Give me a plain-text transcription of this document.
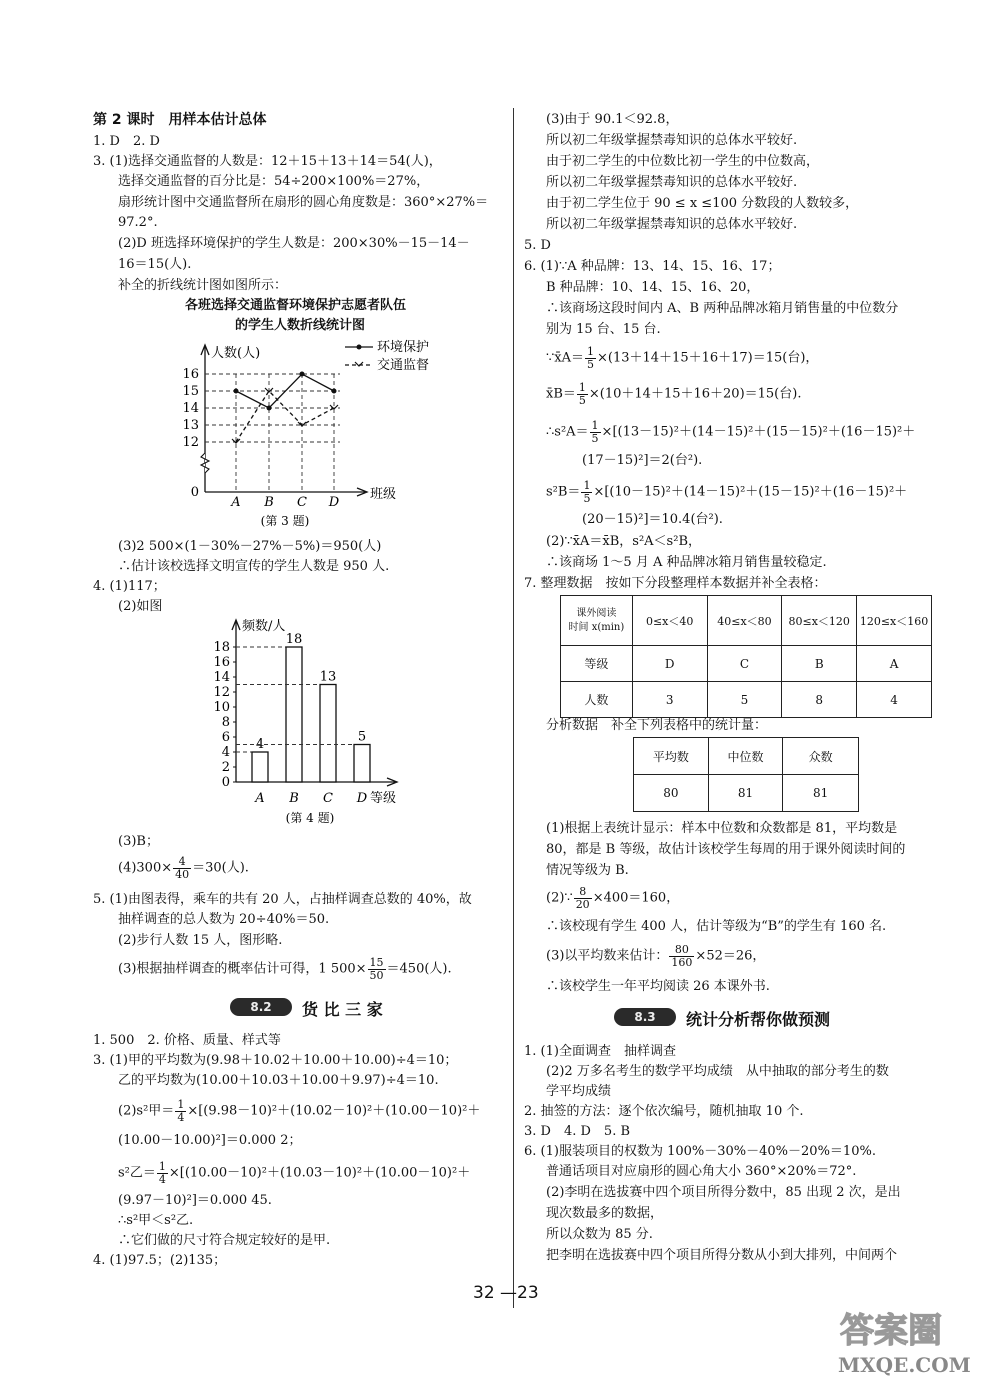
第 2 课时　用样本估计总体
1. D　2. D
3. (1)选择交通监督的人数是：12＋15＋13＋14＝54(人)，
选择交通监督的百分比是：54÷200×100%＝27%，
扇形统计图中交通监督所在扇形的圆心角度数是：360°×27%＝
97.2°.
(2)D 班选择环境保护的学生人数是：200×30%－15－14－
16＝15(人).
补全的折线统计图如图所示：
各班选择交通监督环境保护志愿者队伍
的学生人数折线统计图
人数(人)
班级
0
12
13
14
15
16
A B C D
环境保护
交通监督
(第 3 题)
(3)2 500×(1－30%－27%－5%)＝950(人)
∴估计该校选择文明宣传的学生人数是 950 人.
4. (1)117；
(2)如图
频数/人
等级
0
2
4
6
8
10
12
14
16
18
4
A
18
B
13
C
5
D
(第 4 题)
(3)B；
$(4)300\times \frac{4}{40} =30$(人).
5. (1)由图表得，乘车的共有 20 人，占抽样调查总数的 40%，故
抽样调查的总人数为 20÷40%＝50.
(2)步行人数 15 人，图形略.
(3)根据抽样调查的概率估计可得，1 $500\times \frac{15}{50} =450$(人).
8.2	货 比 三 家
1. 500　2. 价格、质量、样式等
3. (1)甲的平均数为(9.98＋10.02＋10.00＋10.00)÷4＝10；
乙的平均数为(10.00＋10.03＋10.00＋9.97)÷4＝10.
(2)s²甲＝ $\frac{1}{4} \times[(9.98-10)^2+(10.02-10)^2+(10.00-10)^2+$
(10.00－10.00)²]＝0.000 2；
s²乙＝ $\frac{1}{4} \times[(10.00-10)^2+(10.03-10)^2+(10.00-10)^2+$
(9.97－10)²]＝0.000 45.
∴s²甲＜s²乙.
∴它们做的尺寸符合规定较好的是甲.
4. (1)97.5；(2)135；
(3)由于 90.1＜92.8，
所以初二年级掌握禁毒知识的总体水平较好.
由于初二学生的中位数比初一学生的中位数高，
所以初二年级掌握禁毒知识的总体水平较好.
由于初二学生位于 90 ≤ x ≤100 分数段的人数较多，
所以初二年级掌握禁毒知识的总体水平较好.
5. D
6. (1)∵A 种品牌：13、14、15、16、17；
B 种品牌：10、14、15、16、20，
∴该商场这段时间内 A、B 两种品牌冰箱月销售量的中位数分
别为 15 台、15 台.
∵x̄A＝ $\frac{1}{5} \times(13+14+15+16+17)=15$(台)，
x̄B＝ $\frac{1}{5} \times(10+14+15+16+20)=15$(台).
∴s²A＝ $\frac{1}{5} \times[(13-15)^2+(14-15)^2+(15-15)^2+(16-15)^2+$
(17－15)²]＝2(台²).
$s^2B= \frac{1}{5} \times[(10-15)^2+(14-15)^2+(15-15)^2+(16-15)^2+$
(20－15)²]＝10.4(台²).
(2)∵x̄A＝x̄B，s²A＜s²B，
∴该商场 1～5 月 A 种品牌冰箱月销售量较稳定.
7. 整理数据　按如下分段整理样本数据并补全表格：
课外阅读
时间 x(min)	0≤x＜40	40≤x＜80	80≤x＜120	120≤x＜160
等级	D	C	B	A
人数	3	5	8	4
分析数据　补全下列表格中的统计量：
平均数	中位数	众数
80	81	81
(1)根据上表统计显示：样本中位数和众数都是 81，平均数是
80，都是 B 等级，故估计该校学生每周的用于课外阅读时间的
情况等级为 B.
(2)∵ $\frac{8}{20} \times 400=160$，
∴该校现有学生 400 人，估计等级为“B”的学生有 160 名.
(3)以平均数来估计： $\frac{80}{160} \times 52=26$，
∴该校学生一年平均阅读 26 本课外书.
8.3	统计分析帮你做预测
1. (1)全面调查　抽样调查
(2)2 万多名考生的数学平均成绩　从中抽取的部分考生的数
学平均成绩
2. 抽签的方法：逐个依次编号，随机抽取 10 个.
3. D　4. D　5. B
6. (1)服装项目的权数为 100%－30%－40%－20%＝10%.
普通话项目对应扇形的圆心角大小 360°×20%＝72°.
(2)李明在选拔赛中四个项目所得分数中，85 出现 2 次，是出
现次数最多的数据，
所以众数为 85 分.
把李明在选拔赛中四个项目所得分数从小到大排列，中间两个
32 —23
答案圈
MXQE.COM
